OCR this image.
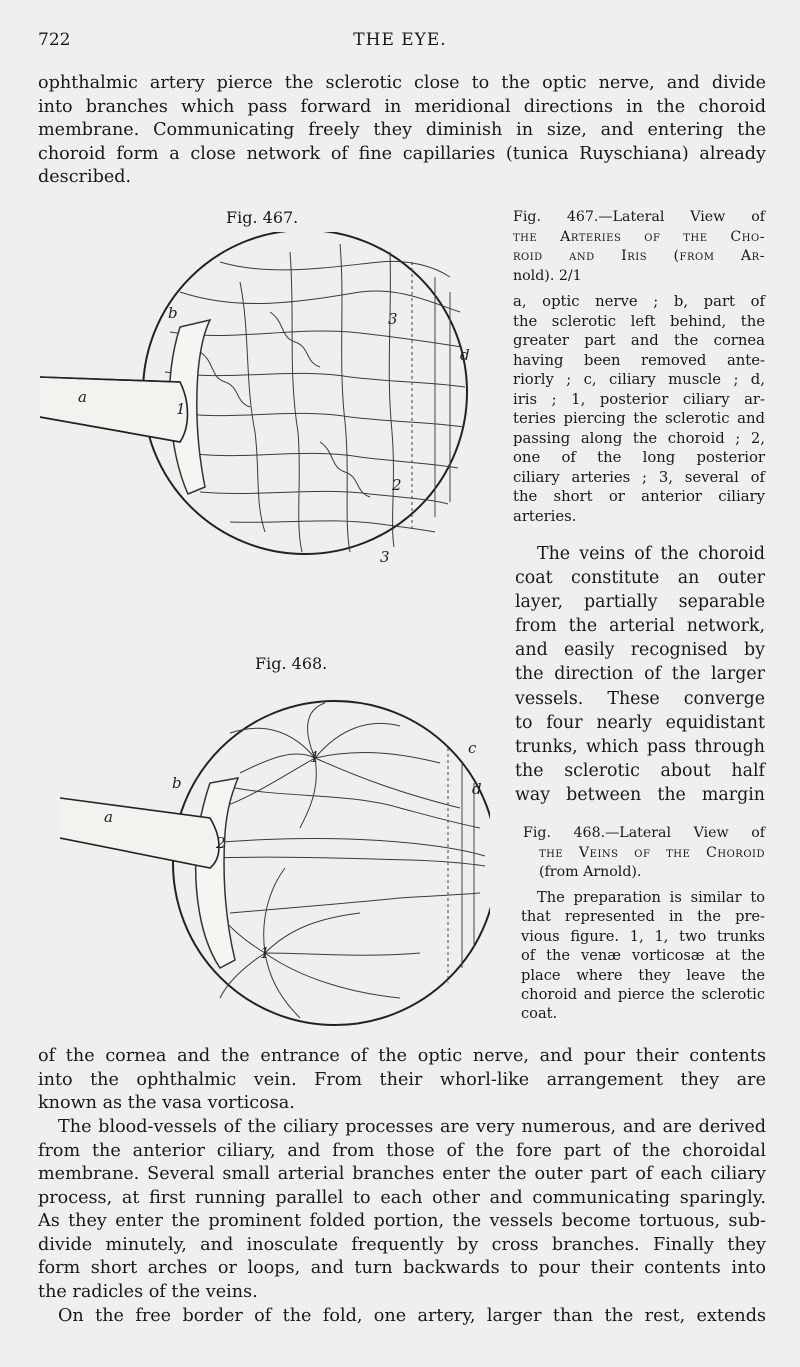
722	THE EYE.

ophthalmic artery pierce the sclerotic close to the optic nerve, and divide
into branches which pass forward in meridional directions in the choroid
membrane. Communicating freely they diminish in size, and entering the
choroid form a close network of fine capillaries (tunica Ruyschiana) already
described.

Fig. 467.
a
b
d
1
2
3
3
Fig. 467.—Lateral View of
the Arteries of the Cho-
roid and Iris (from Ar-
nold). 2/1
a, optic nerve ; b, part of
the sclerotic left behind, the
greater part and the cornea
having been removed ante-
riorly ; c, ciliary muscle ; d,
iris ; 1, posterior ciliary ar-
teries piercing the sclerotic and
passing along the choroid ; 2,
one of the long posterior
ciliary arteries ; 3, several of
the short or anterior ciliary
arteries.
The veins of the choroid
coat constitute an outer
layer, partially separable
from the arterial network,
and easily recognised by
the direction of the larger
vessels. These converge
to four nearly equidistant
trunks, which pass through
the sclerotic about half
way between the margin
Fig. 468.
a
b
c
d
1
1
2
Fig. 468.—Lateral View of
the Veins of the Choroid
(from Arnold).
The preparation is similar to
that represented in the pre-
vious figure. 1, 1, two trunks
of the venæ vorticosæ at the
place where they leave the
choroid and pierce the sclerotic
coat.

of the cornea and the entrance of the optic nerve, and pour their contents
into the ophthalmic vein. From their whorl-like arrangement they are
known as the vasa vorticosa.

The blood-vessels of the ciliary processes are very numerous, and are derived
from the anterior ciliary, and from those of the fore part of the choroidal
membrane. Several small arterial branches enter the outer part of each ciliary
process, at first running parallel to each other and communicating sparingly.
As they enter the prominent folded portion, the vessels become tortuous, sub-
divide minutely, and inosculate frequently by cross branches. Finally they
form short arches or loops, and turn backwards to pour their contents into
the radicles of the veins.

On the free border of the fold, one artery, larger than the rest, extends
